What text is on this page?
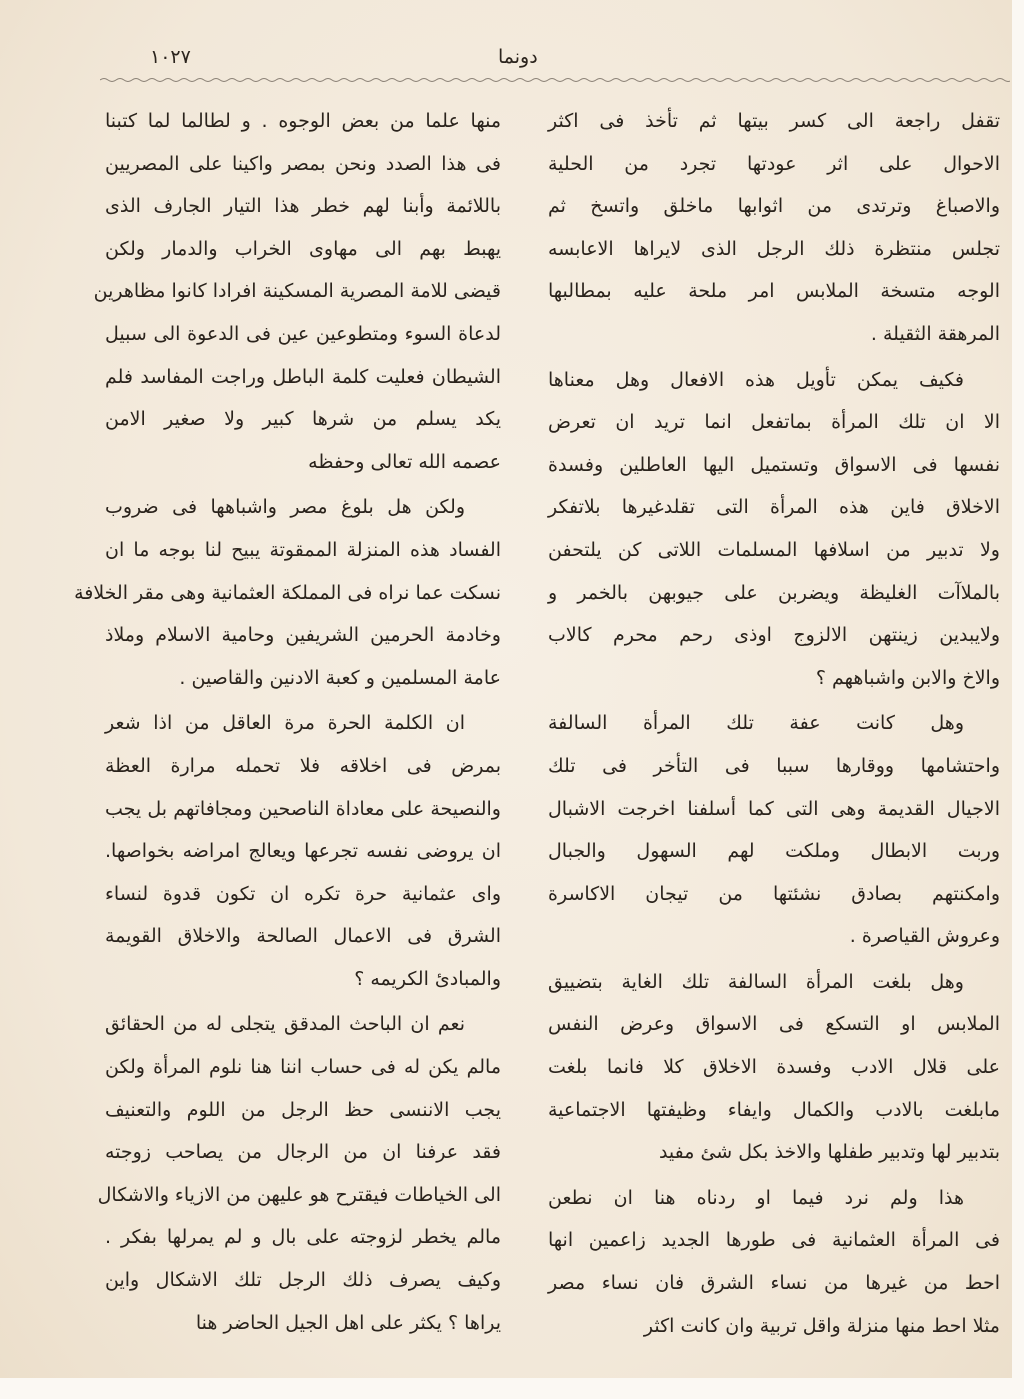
١٠٢٧	دونما
تقفل راجعة الى كسر بيتها ثم تأخذ فى اكثر
الاحوال على اثر عودتها تجرد من الحلية
والاصباغ وترتدى من اثوابها ماخلق واتسخ ثم
تجلس منتظرة ذلك الرجل الذى لايراها الاعابسه
الوجه متسخة الملابس امر ملحة عليه بمطالبها
المرهقة الثقيلة .
فكيف يمكن تأويل هذه الافعال وهل معناها
الا ان تلك المرأة بماتفعل انما تريد ان تعرض
نفسها فى الاسواق وتستميل اليها العاطلين وفسدة
الاخلاق فاين هذه المرأة التى تقلدغيرها بلاتفكر
ولا تدبير من اسلافها المسلمات اللاتى كن يلتحفن
بالملاآت الغليظة ويضربن على جيوبهن بالخمر و
ولايبدين زينتهن الالزوج اوذى رحم محرم كالاب
والاخ والابن واشباههم ؟
وهل كانت عفة تلك المرأة السالفة
واحتشامها ووقارها سببا فى التأخر فى تلك
الاجيال القديمة وهى التى كما أسلفنا اخرجت الاشبال
وربت الابطال وملكت لهم السهول والجبال
وامكنتهم بصادق نشئتها من تيجان الاكاسرة
وعروش القياصرة .
وهل بلغت المرأة السالفة تلك الغاية بتضييق
الملابس او التسكع فى الاسواق وعرض النفس
على قلال الادب وفسدة الاخلاق كلا فانما بلغت
مابلغت بالادب والكمال وايفاء وظيفتها الاجتماعية
بتدبير لها وتدبير طفلها والاخذ بكل شئ مفيد
هذا ولم نرد فيما او ردناه هنا ان نطعن
فى المرأة العثمانية فى طورها الجديد زاعمين انها
احط من غيرها من نساء الشرق فان نساء مصر
مثلا احط منها منزلة واقل تربية وان كانت اكثر
منها علما من بعض الوجوه . و لطالما لما كتبنا
فى هذا الصدد ونحن بمصر واكينا على المصريين
باللائمة وأبنا لهم خطر هذا التيار الجارف الذى
يهبط بهم الى مهاوى الخراب والدمار ولكن
قيضى للامة المصرية المسكينة افرادا كانوا مظاهرين
لدعاة السوء ومتطوعين عين فى الدعوة الى سبيل
الشيطان فعليت كلمة الباطل وراجت المفاسد فلم
يكد يسلم من شرها كبير ولا صغير الامن
عصمه الله تعالى وحفظه
ولكن هل بلوغ مصر واشباهها فى ضروب
الفساد هذه المنزلة الممقوتة يبيح لنا بوجه ما ان
نسكت عما نراه فى المملكة العثمانية وهى مقر الخلافة
وخادمة الحرمين الشريفين وحامية الاسلام وملاذ
عامة المسلمين و كعبة الادنين والقاصين .
ان الكلمة الحرة مرة العاقل من اذا شعر
بمرض فى اخلاقه فلا تحمله مرارة العظة
والنصيحة على معاداة الناصحين ومجافاتهم بل يجب
ان يروضى نفسه تجرعها ويعالج امراضه بخواصها.
واى عثمانية حرة تكره ان تكون قدوة لنساء
الشرق فى الاعمال الصالحة والاخلاق القويمة
والمبادئ الكريمه ؟
نعم ان الباحث المدقق يتجلى له من الحقائق
مالم يكن له فى حساب اننا هنا نلوم المرأة ولكن
يجب الاننسى حظ الرجل من اللوم والتعنيف
فقد عرفنا ان من الرجال من يصاحب زوجته
الى الخياطات فيقترح هو عليهن من الازياء والاشكال
مالم يخطر لزوجته على بال و لم يمرلها بفكر .
وكيف يصرف ذلك الرجل تلك الاشكال واين
يراها ؟ يكثر على اهل الجيل الحاضر هنا
